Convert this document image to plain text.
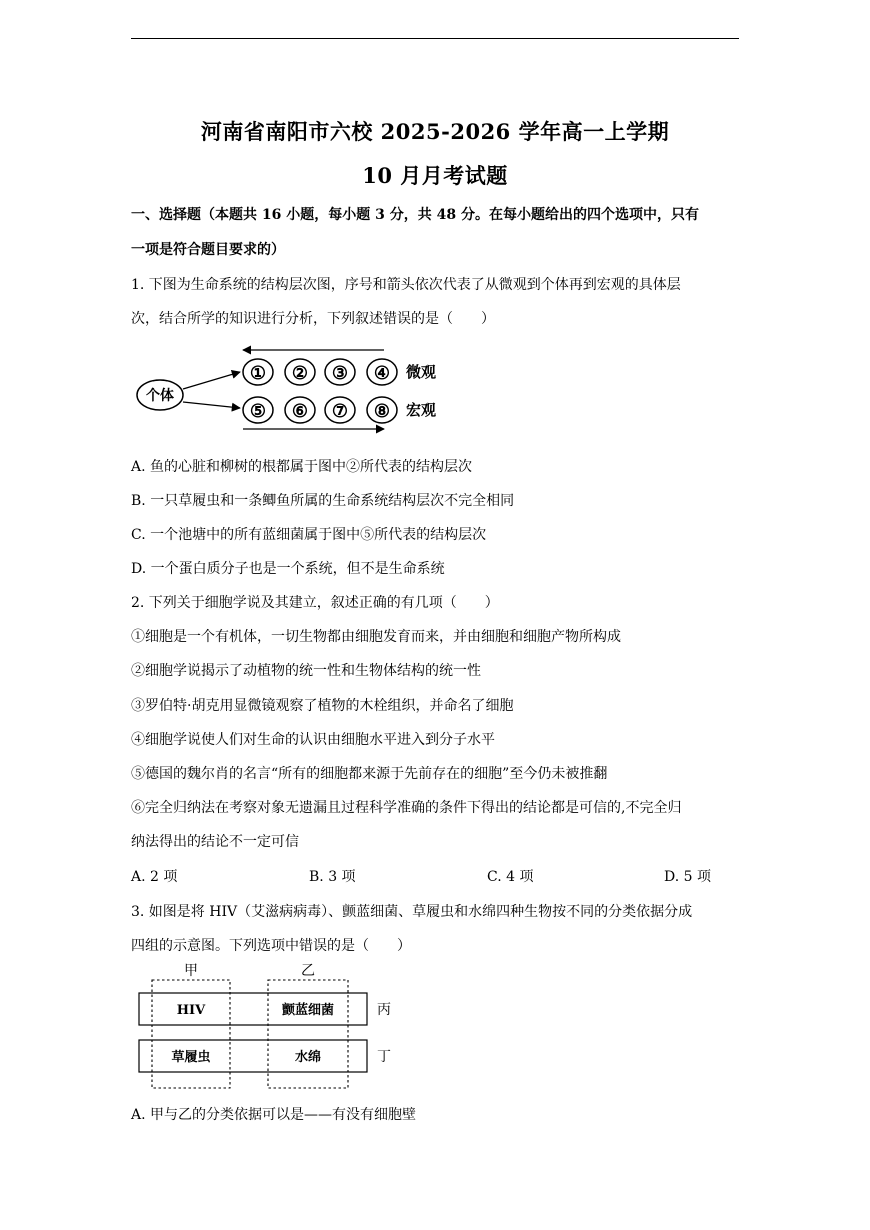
河南省南阳市六校 2025-2026 学年高一上学期
10 月月考试题
一、选择题（本题共 16 小题，每小题 3 分，共 48 分。在每小题给出的四个选项中，只有
一项是符合题目要求的）
1. 下图为生命系统的结构层次图，序号和箭头依次代表了从微观到个体再到宏观的具体层
次，结合所学的知识进行分析，下列叙述错误的是（　　）
个体
① ② ③ ④
⑤ ⑥ ⑦ ⑧
微观
宏观
A. 鱼的心脏和柳树的根都属于图中②所代表的结构层次
B. 一只草履虫和一条鲫鱼所属的生命系统结构层次不完全相同
C. 一个池塘中的所有蓝细菌属于图中⑤所代表的结构层次
D. 一个蛋白质分子也是一个系统，但不是生命系统
2. 下列关于细胞学说及其建立，叙述正确的有几项（　　）
①细胞是一个有机体，一切生物都由细胞发育而来，并由细胞和细胞产物所构成
②细胞学说揭示了动植物的统一性和生物体结构的统一性
③罗伯特·胡克用显微镜观察了植物的木栓组织，并命名了细胞
④细胞学说使人们对生命的认识由细胞水平进入到分子水平
⑤德国的魏尔肖的名言“所有的细胞都来源于先前存在的细胞”至今仍未被推翻
⑥完全归纳法在考察对象无遗漏且过程科学准确的条件下得出的结论都是可信的,不完全归
纳法得出的结论不一定可信
A. 2 项	B. 3 项	C. 4 项	D. 5 项
3. 如图是将 HIV（艾滋病病毒）、颤蓝细菌、草履虫和水绵四种生物按不同的分类依据分成
四组的示意图。下列选项中错误的是（　　）
甲	乙
HIV	颤蓝细菌
草履虫	水绵
丙
丁
A. 甲与乙的分类依据可以是——有没有细胞壁
